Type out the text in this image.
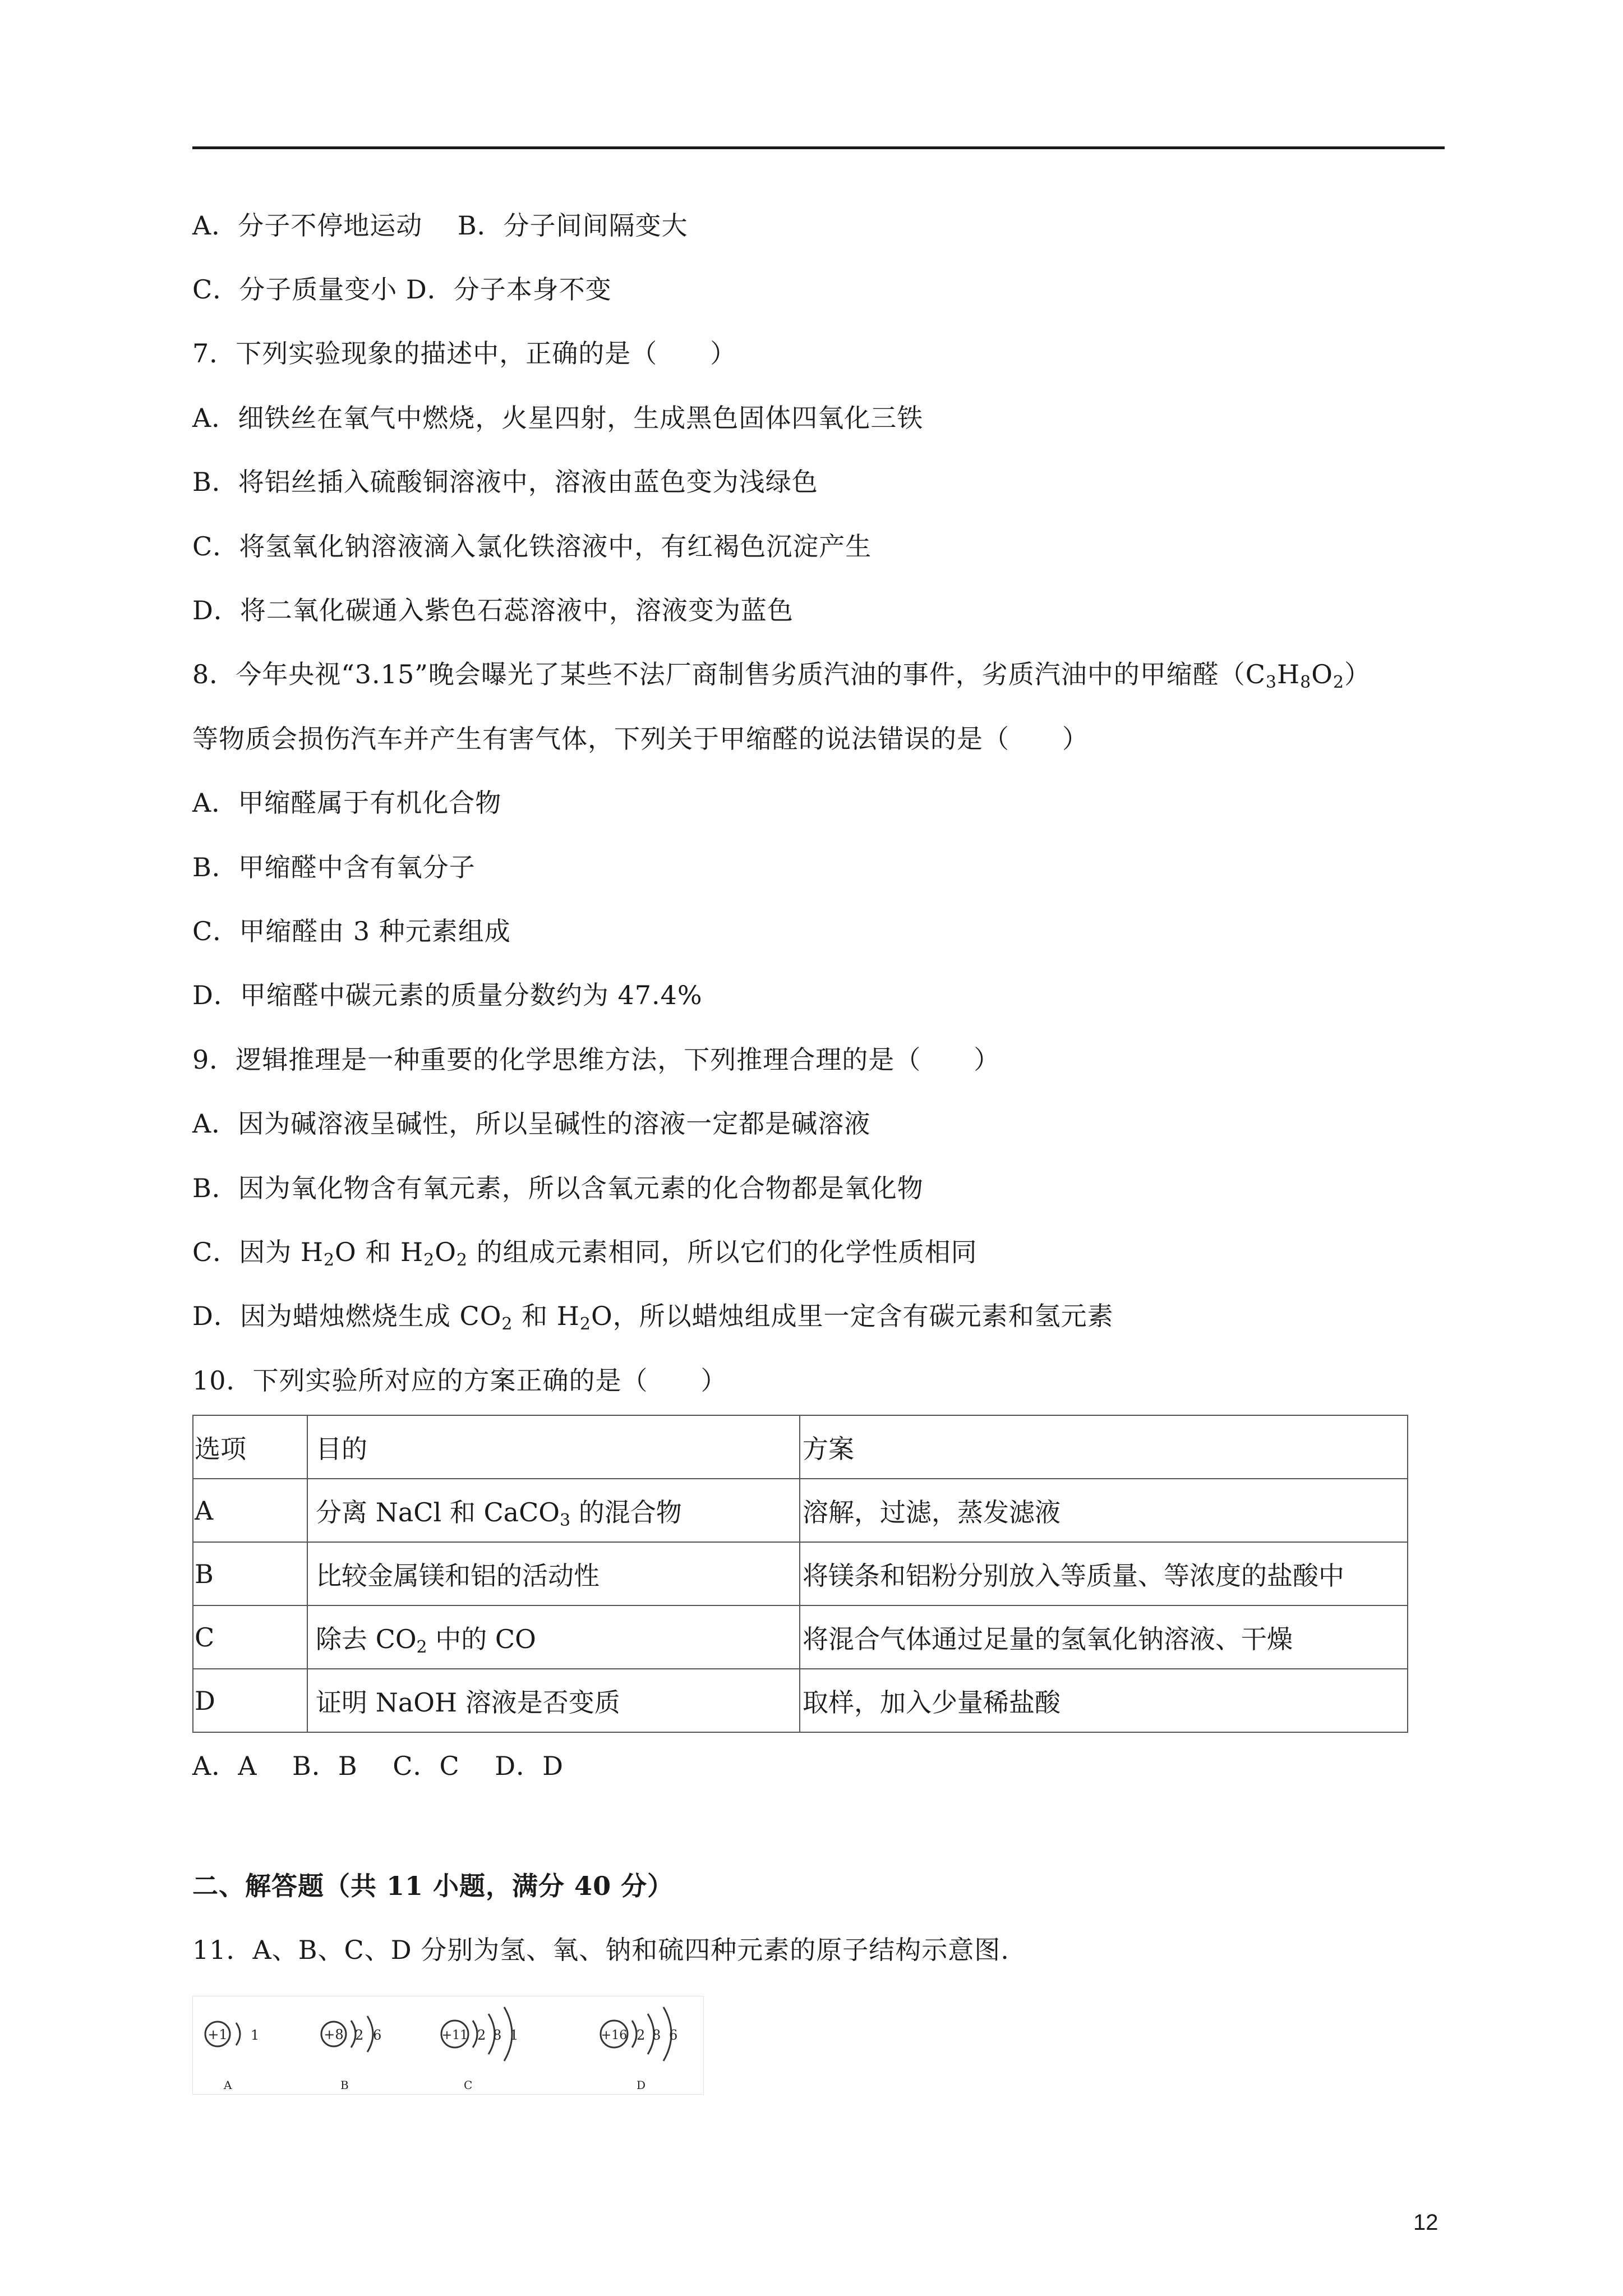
A．分子不停地运动　 B．分子间间隔变大
C．分子质量变小 D．分子本身不变
7．下列实验现象的描述中，正确的是（　　）
A．细铁丝在氧气中燃烧，火星四射，生成黑色固体四氧化三铁
B．将铝丝插入硫酸铜溶液中，溶液由蓝色变为浅绿色
C．将氢氧化钠溶液滴入氯化铁溶液中，有红褐色沉淀产生
D．将二氧化碳通入紫色石蕊溶液中，溶液变为蓝色
8．今年央视“3.15”晚会曝光了某些不法厂商制售劣质汽油的事件，劣质汽油中的甲缩醛$(C_3H_8O_2)$
等物质会损伤汽车并产生有害气体，下列关于甲缩醛的说法错误的是（　　）
A．甲缩醛属于有机化合物
B．甲缩醛中含有氧分子
C．甲缩醛由 3 种元素组成
D．甲缩醛中碳元素的质量分数约为 47.4%
9．逻辑推理是一种重要的化学思维方法，下列推理合理的是（　　）
A．因为碱溶液呈碱性，所以呈碱性的溶液一定都是碱溶液
B．因为氧化物含有氧元素，所以含氧元素的化合物都是氧化物
C．因为 $H_2O$ 和 $H_2O_2$ 的组成元素相同，所以它们的化学性质相同
D．因为蜡烛燃烧生成 $CO_2$ 和 $H_2O$，所以蜡烛组成里一定含有碳元素和氢元素
10．下列实验所对应的方案正确的是（　　）
选项	目的	方案
A	分离 NaCl 和 CaCO$_3$ 的混合物	溶解，过滤，蒸发滤液
B	比较金属镁和铝的活动性	将镁条和铝粉分别放入等质量、等浓度的盐酸中
C	除去 $CO_2$ 中的 CO	将混合气体通过足量的氢氧化钠溶液、干燥
D	证明 NaOH 溶液是否变质	取样，加入少量稀盐酸
A．A　 B．B　 C．C　 D．D
二、解答题（共 11 小题，满分 40 分）
11．A、B、C、D 分别为氢、氧、钠和硫四种元素的原子结构示意图.
+1 1
A
+8 2 6
B
+11 2 8 1
C
+16 2 8 6
D
12
